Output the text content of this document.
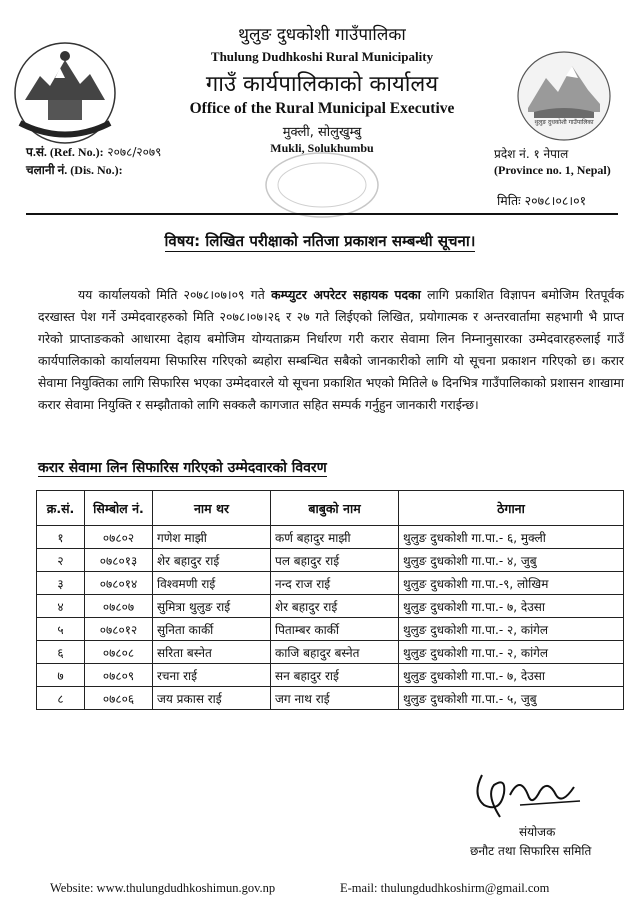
थुलुङ दुधकोशी गाउँपालिका
Thulung Dudhkoshi Rural Municipality
गाउँ कार्यपालिकाको कार्यालय
Office of the Rural Municipal Executive
मुक्ली, सोलुखुम्बु
Mukli, Solukhumbu
थुलुङ दुधकोशी गाउँपालिका
प.सं. (Ref. No.): २०७८/२०७९
चलानी नं. (Dis. No.):
प्रदेश नं. १ नेपाल
(Province no. 1, Nepal)
मितिः २०७८।०८।०१
विषय: लिखित परीक्षाको नतिजा प्रकाशन सम्बन्धी सूचना।
यय कार्यालयको मिति २०७८।०७।०९ गते कम्प्युटर अपरेटर सहायक पदका लागि प्रकाशित विज्ञापन बमोजिम रितपूर्वक दरखास्त पेश गर्ने उम्मेदवारहरुको मिति २०७८।०७।२६ र २७ गते लिईएको लिखित, प्रयोगात्मक र अन्तरवार्तामा सहभागी भै प्राप्त गरेको प्राप्ताङकको आधारमा देहाय बमोजिम योग्यताक्रम निर्धारण गरी करार सेवामा लिन निम्नानुसारका उम्मेदवारहरुलाई गाउँ कार्यपालिकाको कार्यालयमा सिफारिस गरिएको ब्यहोरा सम्बन्धित सबैको जानकारीको लागि यो सूचना प्रकाशन गरिएको छ। करार सेवामा नियुक्तिका लागि सिफारिस भएका उम्मेदवारले यो सूचना प्रकाशित भएको मितिले ७ दिनभित्र गाउँपालिकाको प्रशासन शाखामा करार सेवामा नियुक्ति र सम्झौताको लागि सक्कलै कागजात सहित सम्पर्क गर्नुहुन जानकारी गराईन्छ।
करार सेवामा लिन सिफारिस गरिएको उम्मेदवारको विवरण
क्र.सं.	सिम्बोल नं.	नाम थर	बाबुको नाम	ठेगाना
१	०७८०२	गणेश माझी	कर्ण बहादुर माझी	थुलुङ दुधकोशी गा.पा.- ६, मुक्ली
२	०७८०१३	शेर बहादुर राई	पल बहादुर राई	थुलुङ दुधकोशी गा.पा.- ४, जुबु
३	०७८०१४	विश्वमणी राई	नन्द राज राई	थुलुङ दुधकोशी गा.पा.-९, लोखिम
४	०७८०७	सुमित्रा थुलुङ राई	शेर बहादुर राई	थुलुङ दुधकोशी गा.पा.- ७, देउसा
५	०७८०१२	सुनिता कार्की	पिताम्बर कार्की	थुलुङ दुधकोशी गा.पा.- २, कांगेल
६	०७८०८	सरिता बस्नेत	काजि बहादुर बस्नेत	थुलुङ दुधकोशी गा.पा.- २, कांगेल
७	०७८०९	रचना राई	सन बहादुर राई	थुलुङ दुधकोशी गा.पा.- ७, देउसा
८	०७८०६	जय प्रकास राई	जग नाथ राई	थुलुङ दुधकोशी गा.पा.- ५, जुबु
संयोजक
छनौट तथा सिफारिस समिति
Website: www.thulungdudhkoshimun.gov.np	E-mail: thulungdudhkoshirm@gmail.com
